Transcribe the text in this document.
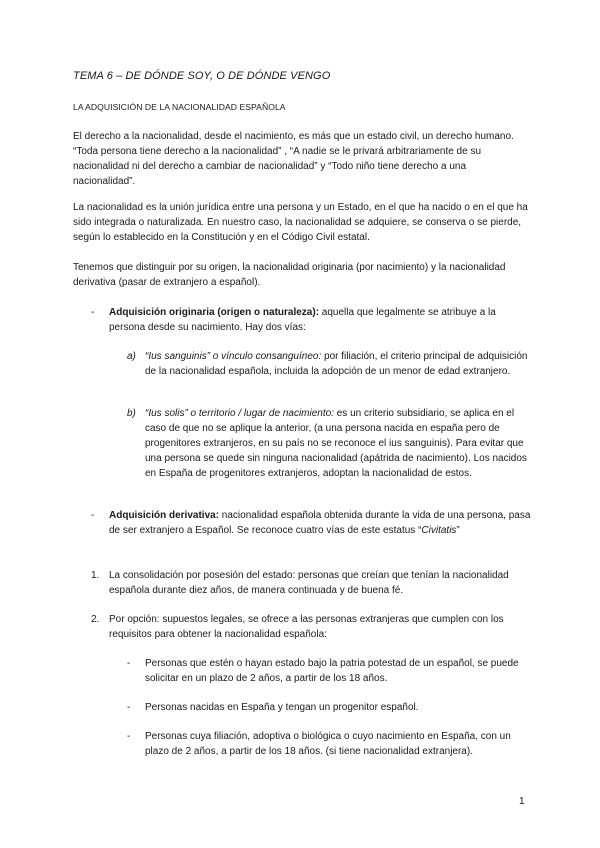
TEMA 6 – DE DÓNDE SOY, O DE DÓNDE VENGO
LA ADQUISICIÓN DE LA NACIONALIDAD ESPAÑOLA

El derecho a la nacionalidad, desde el nacimiento, es más que un estado civil, un derecho humano. “Toda persona tiene derecho a la nacionalidad” , “A nadie se le privará arbitrariamente de su nacionalidad ni del derecho a cambiar de nacionalidad” y “Todo niño tiene derecho a una nacionalidad”.

La nacionalidad es la unión jurídica entre una persona y un Estado, en el que ha nacido o en el que ha sido integrada o naturalizada. En nuestro caso, la nacionalidad se adquiere, se conserva o se pierde, según lo establecido en la Constitución y en el Código Civil estatal.

Tenemos que distinguir por su origen, la nacionalidad originaria (por nacimiento) y la nacionalidad derivativa (pasar de extranjero a español).

- Adquisición originaria (origen o naturaleza): aquella que legalmente se atribuye a la persona desde su nacimiento. Hay dos vías:

a) “Ius sanguinis” o vínculo consanguíneo: por filiación, el criterio principal de adquisición de la nacionalidad española, incluida la adopción de un menor de edad extranjero.

b) “Ius solis” o territorio / lugar de nacimiento: es un criterio subsidiario, se aplica en el caso de que no se aplique la anterior, (a una persona nacida en españa pero de progenitores extranjeros, en su país no se reconoce el ius sanguinis). Para evitar que una persona se quede sin ninguna nacionalidad (apátrida de nacimiento). Los nacidos en España de progenitores extranjeros, adoptan la nacionalidad de estos.

- Adquisición derivativa: nacionalidad española obtenida durante la vida de una persona, pasa de ser extranjero a Español. Se reconoce cuatro vías de este estatus “Civitatis”

1. La consolidación por posesión del estado: personas que creían que tenían la nacionalidad española durante diez años, de manera continuada y de buena fé.

2. Por opción: supuestos legales, se ofrece a las personas extranjeras que cumplen con los requisitos para obtener la nacionalidad española:

- Personas que estén o hayan estado bajo la patria potestad de un español, se puede solicitar en un plazo de 2 años, a partir de los 18 años.

- Personas nacidas en España y tengan un progenitor español.

- Personas cuya filiación, adoptiva o biológica o cuyo nacimiento en España, con un plazo de 2 años, a partir de los 18 años. (si tiene nacionalidad extranjera).

1
